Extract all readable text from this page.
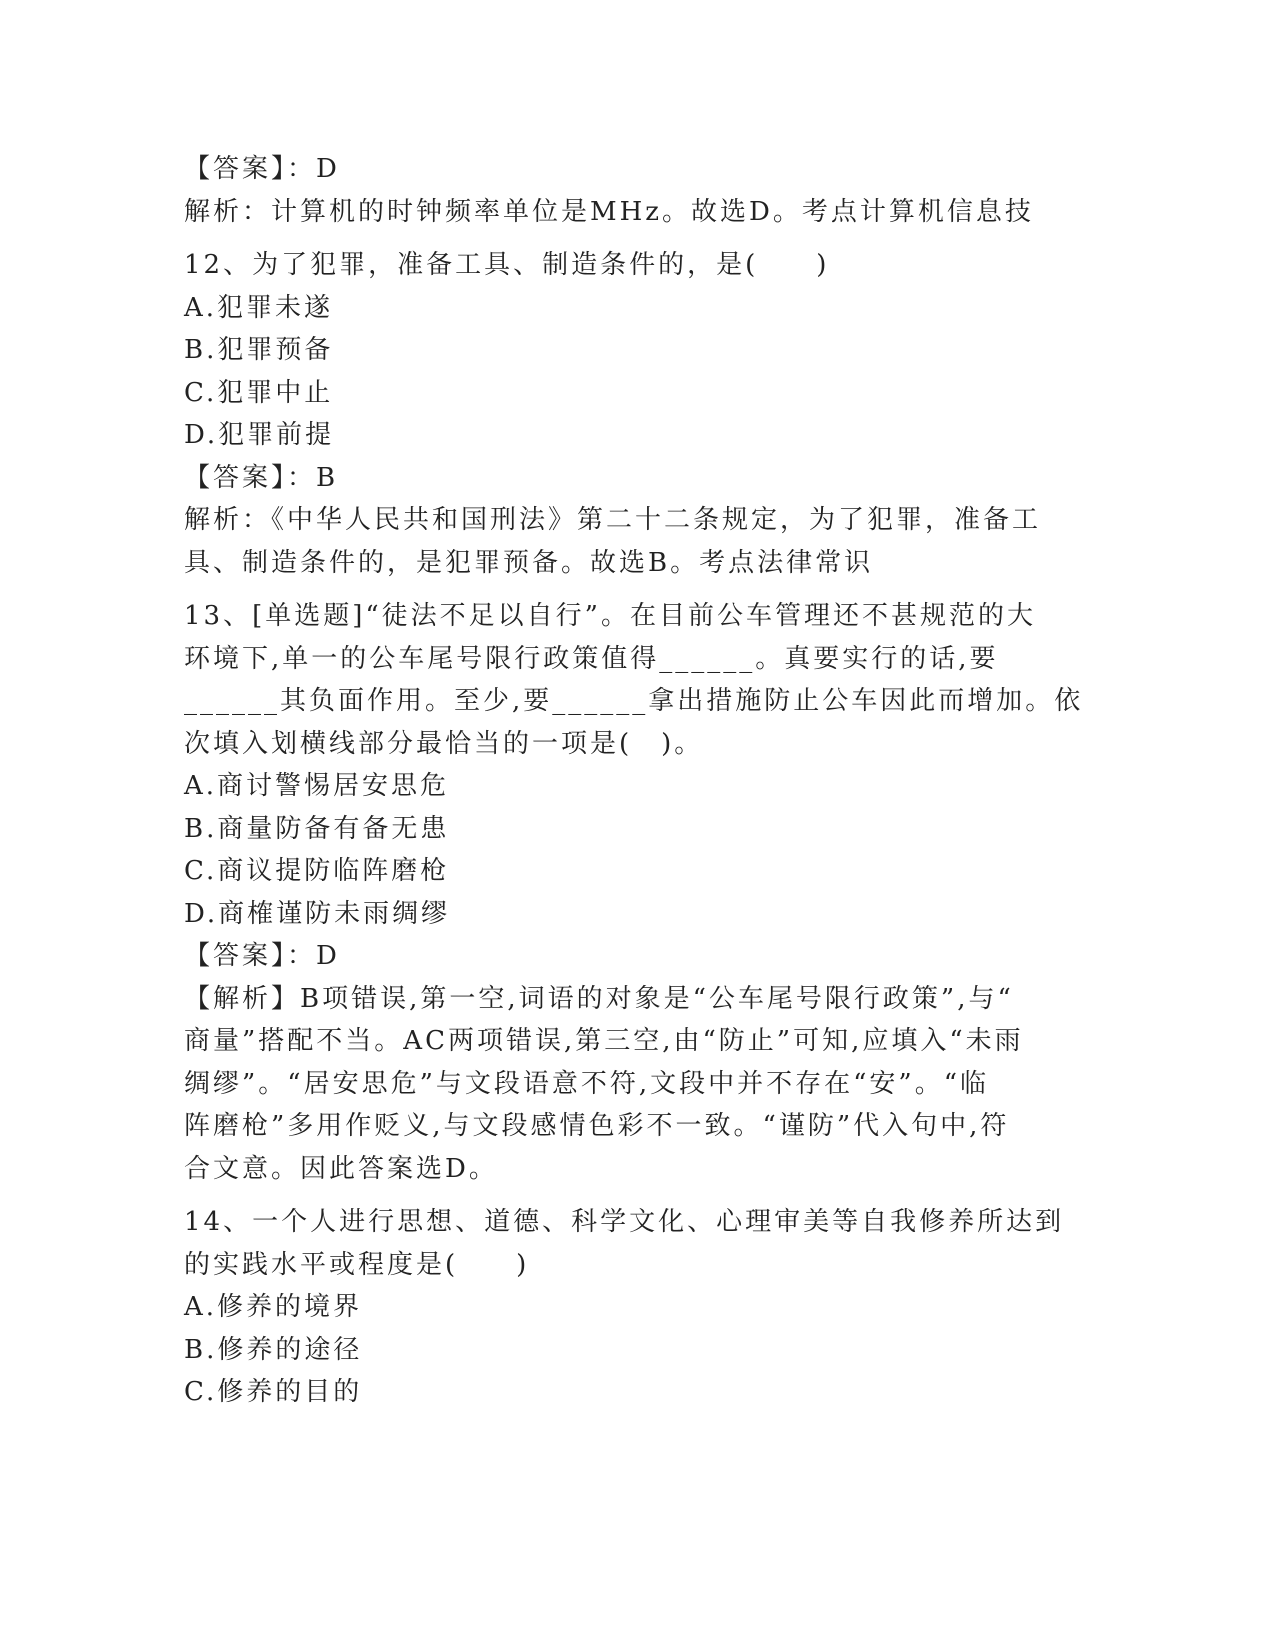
【答案】：D
解析：计算机的时钟频率单位是MHz。故选D。考点计算机信息技
12、为了犯罪，准备工具、制造条件的，是(　　)
A.犯罪未遂
B.犯罪预备
C.犯罪中止
D.犯罪前提
【答案】：B
解析：《中华人民共和国刑法》第二十二条规定，为了犯罪，准备工
具、制造条件的，是犯罪预备。故选B。考点法律常识
13、[单选题]“徒法不足以自行”。在目前公车管理还不甚规范的大
环境下,单一的公车尾号限行政策值得______。真要实行的话,要
______其负面作用。至少,要______拿出措施防止公车因此而增加。依
次填入划横线部分最恰当的一项是(　)。
A.商讨警惕居安思危
B.商量防备有备无患
C.商议提防临阵磨枪
D.商榷谨防未雨绸缪
【答案】：D
【解析】B项错误,第一空,词语的对象是“公车尾号限行政策”,与“
商量”搭配不当。AC两项错误,第三空,由“防止”可知,应填入“未雨
绸缪”。“居安思危”与文段语意不符,文段中并不存在“安”。“临
阵磨枪”多用作贬义,与文段感情色彩不一致。“谨防”代入句中,符
合文意。因此答案选D。
14、一个人进行思想、道德、科学文化、心理审美等自我修养所达到
的实践水平或程度是(　　)
A.修养的境界
B.修养的途径
C.修养的目的
